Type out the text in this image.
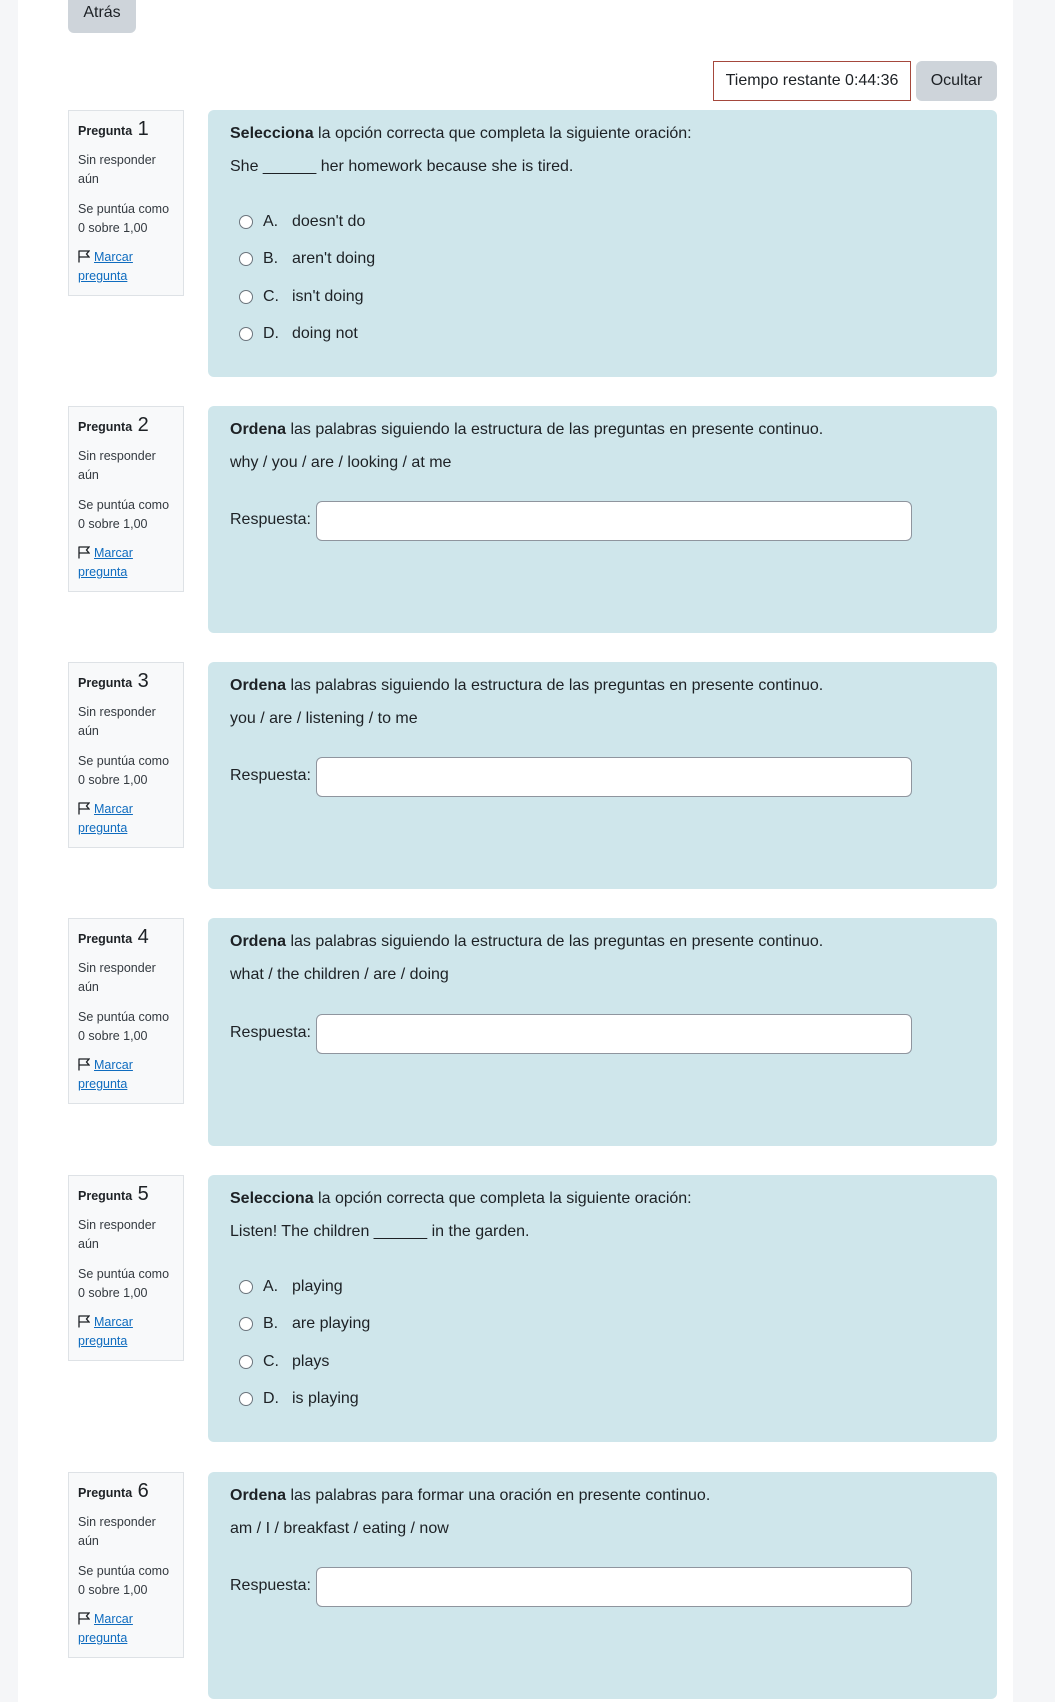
Atrás
Tiempo restante 0:44:36	Ocultar
Pregunta 1
Sin responder aún
Se puntúa como 0 sobre 1,00
Marcar pregunta
Selecciona la opción correcta que completa la siguiente oración:
She ______ her homework because she is tired.
A. doesn't do
B. aren't doing
C. isn't doing
D. doing not
Pregunta 2
Sin responder aún
Se puntúa como 0 sobre 1,00
Marcar pregunta
Ordena las palabras siguiendo la estructura de las preguntas en presente continuo.
why / you / are / looking / at me
Respuesta:
Pregunta 3
Sin responder aún
Se puntúa como 0 sobre 1,00
Marcar pregunta
Ordena las palabras siguiendo la estructura de las preguntas en presente continuo.
you / are / listening / to me
Respuesta:
Pregunta 4
Sin responder aún
Se puntúa como 0 sobre 1,00
Marcar pregunta
Ordena las palabras siguiendo la estructura de las preguntas en presente continuo.
what / the children / are / doing
Respuesta:
Pregunta 5
Sin responder aún
Se puntúa como 0 sobre 1,00
Marcar pregunta
Selecciona la opción correcta que completa la siguiente oración:
Listen! The children ______ in the garden.
A. playing
B. are playing
C. plays
D. is playing
Pregunta 6
Sin responder aún
Se puntúa como 0 sobre 1,00
Marcar pregunta
Ordena las palabras para formar una oración en presente continuo.
am / I / breakfast / eating / now
Respuesta:
